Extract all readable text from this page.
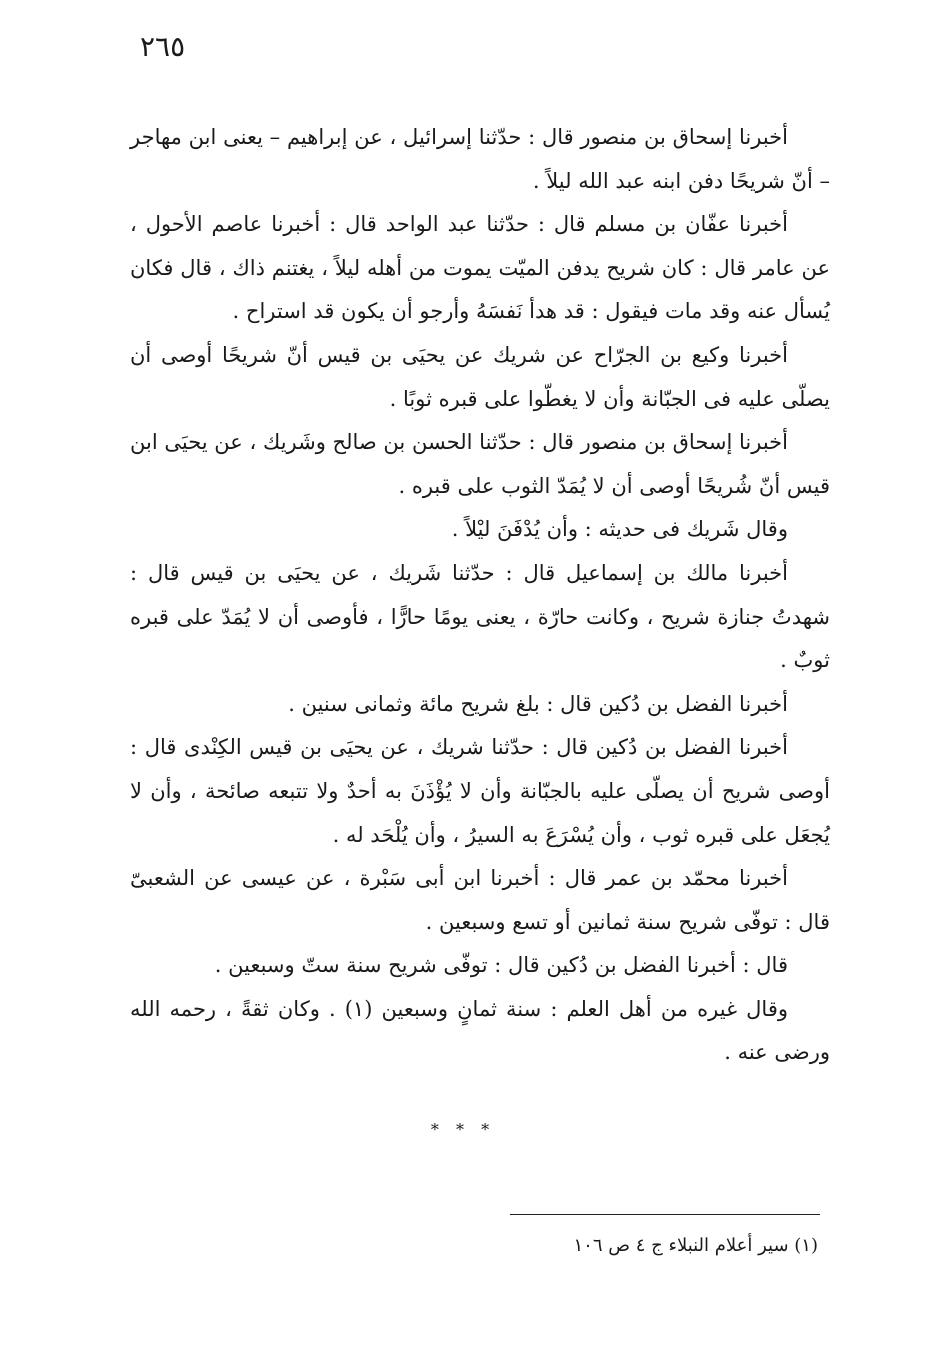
٢٦٥

أخبرنا إسحاق بن منصور قال : حدّثنا إسرائيل ، عن إبراهيم – يعنى ابن مهاجر – أنّ شريحًا دفن ابنه عبد الله ليلاً .

أخبرنا عفّان بن مسلم قال : حدّثنا عبد الواحد قال : أخبرنا عاصم الأحول ، عن عامر قال : كان شريح يدفن الميّت يموت من أهله ليلاً ، يغتنم ذاك ، قال فكان يُسأل عنه وقد مات فيقول : قد هدأ نَفسَهُ وأرجو أن يكون قد استراح .

أخبرنا وكيع بن الجرّاح عن شريك عن يحيَى بن قيس أنّ شريحًا أوصى أن يصلّى عليه فى الجبّانة وأن لا يغطّوا على قبره ثوبًا .

أخبرنا إسحاق بن منصور قال : حدّثنا الحسن بن صالح وشَريك ، عن يحيَى ابن قيس أنّ شُريحًا أوصى أن لا يُمَدّ الثوب على قبره .

وقال شَريك فى حديثه : وأن يُدْفَنَ ليْلاً .

أخبرنا مالك بن إسماعيل قال : حدّثنا شَريك ، عن يحيَى بن قيس قال : شهدتُ جنازة شريح ، وكانت حارّة ، يعنى يومًا حارًّا ، فأوصى أن لا يُمَدّ على قبره ثوبٌ .

أخبرنا الفضل بن دُكين قال : بلغ شريح مائة وثمانى سنين .

أخبرنا الفضل بن دُكين قال : حدّثنا شريك ، عن يحيَى بن قيس الكِنْدى قال : أوصى شريح أن يصلّى عليه بالجبّانة وأن لا يُؤْذَنَ به أحدٌ ولا تتبعه صائحة ، وأن لا يُجعَل على قبره ثوب ، وأن يُسْرَعَ به السيرُ ، وأن يُلْحَد له .

أخبرنا محمّد بن عمر قال : أخبرنا ابن أبى سَبْرة ، عن عيسى عن الشعبىّ قال : توفّى شريح سنة ثمانين أو تسع وسبعين .

قال : أخبرنا الفضل بن دُكين قال : توفّى شريح سنة ستّ وسبعين .

وقال غيره من أهل العلم : سنة ثمانٍ وسبعين (١) . وكان ثقةً ، رحمه الله ورضى عنه .

* * *
(١) سير أعلام النبلاء ج ٤ ص ١٠٦
